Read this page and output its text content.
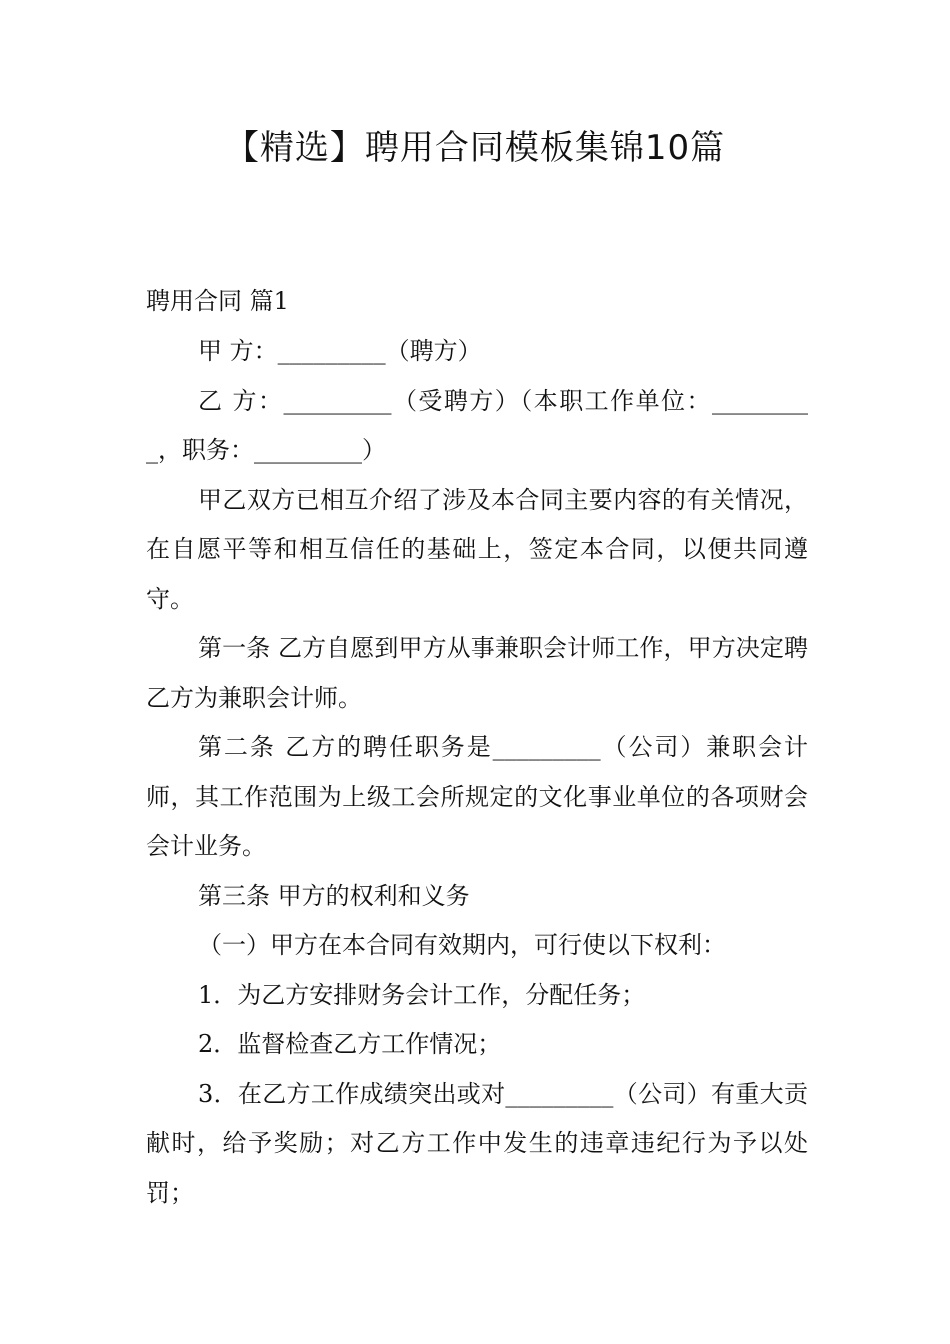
【精选】聘用合同模板集锦10篇
聘用合同 篇1

甲 方：_________（聘方）

乙 方：_________（受聘方）（本职工作单位：_________，职务：_________）

甲乙双方已相互介绍了涉及本合同主要内容的有关情况，在自愿平等和相互信任的基础上，签定本合同，以便共同遵守。

第一条 乙方自愿到甲方从事兼职会计师工作，甲方决定聘乙方为兼职会计师。

第二条 乙方的聘任职务是_________（公司）兼职会计师，其工作范围为上级工会所规定的文化事业单位的各项财会会计业务。

第三条 甲方的权利和义务

（一）甲方在本合同有效期内，可行使以下权利：

1．为乙方安排财务会计工作，分配任务；

2．监督检查乙方工作情况；

3．在乙方工作成绩突出或对_________（公司）有重大贡献时，给予奖励；对乙方工作中发生的违章违纪行为予以处罚；
